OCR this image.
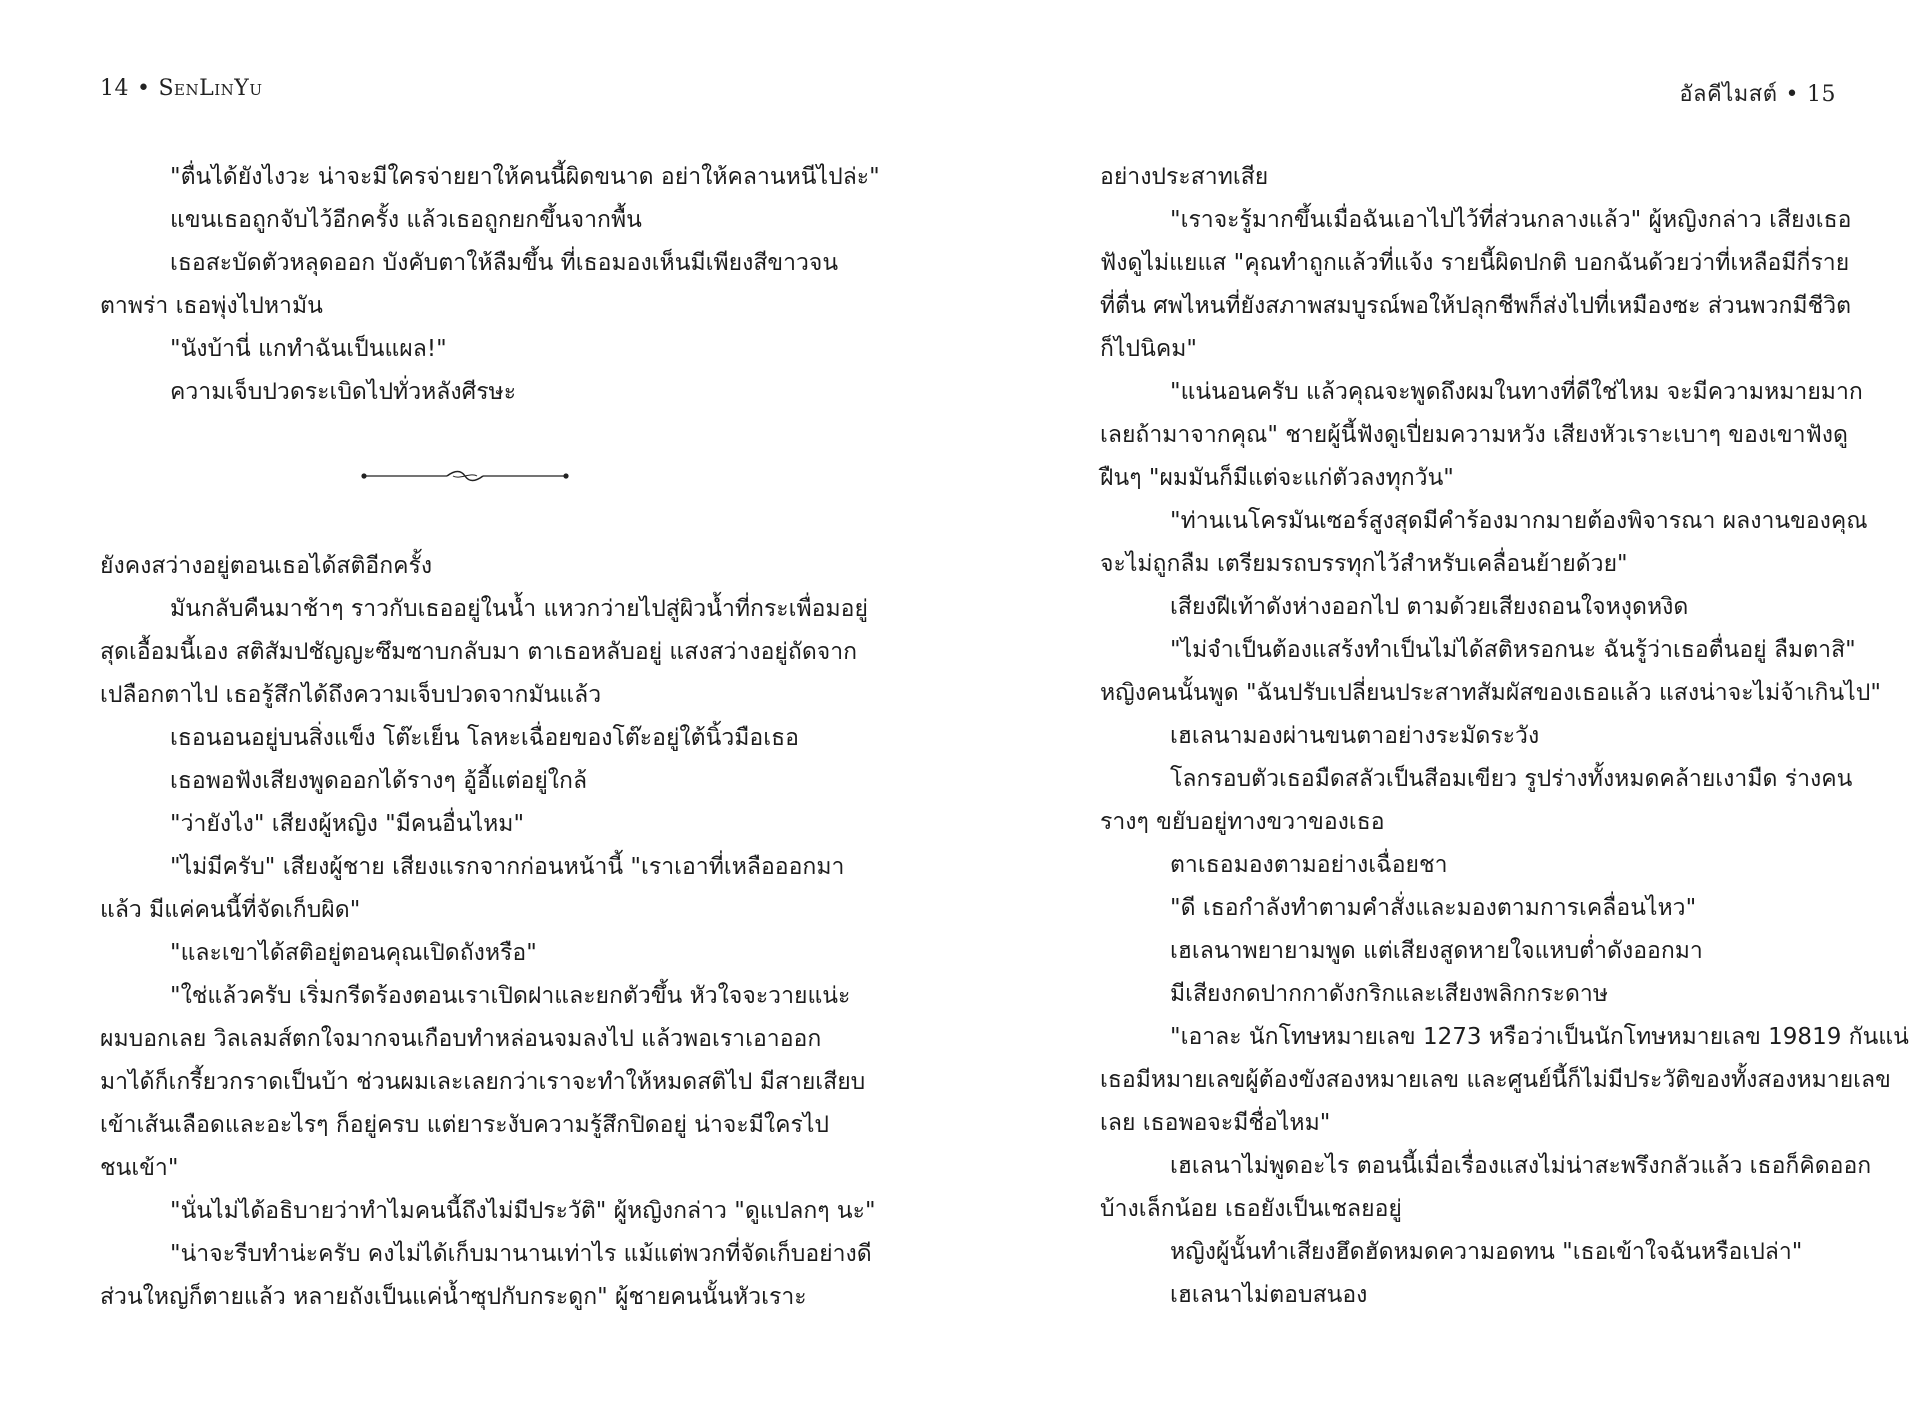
14 • SenLinYu

"ตื่นได้ยังไงวะ น่าจะมีใครจ่ายยาให้คนนี้ผิดขนาด อย่าให้คลานหนีไปล่ะ"

แขนเธอถูกจับไว้อีกครั้ง แล้วเธอถูกยกขึ้นจากพื้น

เธอสะบัดตัวหลุดออก บังคับตาให้ลืมขึ้น ที่เธอมองเห็นมีเพียงสีขาวจน

ตาพร่า เธอพุ่งไปหามัน

"นังบ้านี่ แกทำฉันเป็นแผล!"

ความเจ็บปวดระเบิดไปทั่วหลังศีรษะ

ยังคงสว่างอยู่ตอนเธอได้สติอีกครั้ง

มันกลับคืนมาช้าๆ ราวกับเธออยู่ในน้ำ แหวกว่ายไปสู่ผิวน้ำที่กระเพื่อมอยู่

สุดเอื้อมนี้เอง สติสัมปชัญญะซึมซาบกลับมา ตาเธอหลับอยู่ แสงสว่างอยู่ถัดจาก

เปลือกตาไป เธอรู้สึกได้ถึงความเจ็บปวดจากมันแล้ว

เธอนอนอยู่บนสิ่งแข็ง โต๊ะเย็น โลหะเฉื่อยของโต๊ะอยู่ใต้นิ้วมือเธอ

เธอพอฟังเสียงพูดออกได้รางๆ อู้อี้แต่อยู่ใกล้

"ว่ายังไง" เสียงผู้หญิง "มีคนอื่นไหม"

"ไม่มีครับ" เสียงผู้ชาย เสียงแรกจากก่อนหน้านี้ "เราเอาที่เหลือออกมา

แล้ว มีแค่คนนี้ที่จัดเก็บผิด"

"และเขาได้สติอยู่ตอนคุณเปิดถังหรือ"

"ใช่แล้วครับ เริ่มกรีดร้องตอนเราเปิดฝาและยกตัวขึ้น หัวใจจะวายแน่ะ

ผมบอกเลย วิลเลมส์ตกใจมากจนเกือบทำหล่อนจมลงไป แล้วพอเราเอาออก

มาได้ก็เกรี้ยวกราดเป็นบ้า ช่วนผมเละเลยกว่าเราจะทำให้หมดสติไป มีสายเสียบ

เข้าเส้นเลือดและอะไรๆ ก็อยู่ครบ แต่ยาระงับความรู้สึกปิดอยู่ น่าจะมีใครไป

ชนเข้า"

"นั่นไม่ได้อธิบายว่าทำไมคนนี้ถึงไม่มีประวัติ" ผู้หญิงกล่าว "ดูแปลกๆ นะ"

"น่าจะรีบทำน่ะครับ คงไม่ได้เก็บมานานเท่าไร แม้แต่พวกที่จัดเก็บอย่างดี

ส่วนใหญ่ก็ตายแล้ว หลายถังเป็นแค่น้ำซุปกับกระดูก" ผู้ชายคนนั้นหัวเราะ

อัลคีไมสต์ • 15

อย่างประสาทเสีย

"เราจะรู้มากขึ้นเมื่อฉันเอาไปไว้ที่ส่วนกลางแล้ว" ผู้หญิงกล่าว เสียงเธอ

ฟังดูไม่แยแส "คุณทำถูกแล้วที่แจ้ง รายนี้ผิดปกติ บอกฉันด้วยว่าที่เหลือมีกี่ราย

ที่ตื่น ศพไหนที่ยังสภาพสมบูรณ์พอให้ปลุกชีพก็ส่งไปที่เหมืองซะ ส่วนพวกมีชีวิต

ก็ไปนิคม"

"แน่นอนครับ แล้วคุณจะพูดถึงผมในทางที่ดีใช่ไหม จะมีความหมายมาก

เลยถ้ามาจากคุณ" ชายผู้นี้ฟังดูเปี่ยมความหวัง เสียงหัวเราะเบาๆ ของเขาฟังดู

ฝืนๆ "ผมมันก็มีแต่จะแก่ตัวลงทุกวัน"

"ท่านเนโครมันเซอร์สูงสุดมีคำร้องมากมายต้องพิจารณา ผลงานของคุณ

จะไม่ถูกลืม เตรียมรถบรรทุกไว้สำหรับเคลื่อนย้ายด้วย"

เสียงฝีเท้าดังห่างออกไป ตามด้วยเสียงถอนใจหงุดหงิด

"ไม่จำเป็นต้องแสร้งทำเป็นไม่ได้สติหรอกนะ ฉันรู้ว่าเธอตื่นอยู่ ลืมตาสิ"

หญิงคนนั้นพูด "ฉันปรับเปลี่ยนประสาทสัมผัสของเธอแล้ว แสงน่าจะไม่จ้าเกินไป"

เฮเลนามองผ่านขนตาอย่างระมัดระวัง

โลกรอบตัวเธอมืดสลัวเป็นสีอมเขียว รูปร่างทั้งหมดคล้ายเงามืด ร่างคน

รางๆ ขยับอยู่ทางขวาของเธอ

ตาเธอมองตามอย่างเฉื่อยชา

"ดี เธอกำลังทำตามคำสั่งและมองตามการเคลื่อนไหว"

เฮเลนาพยายามพูด แต่เสียงสูดหายใจแหบต่ำดังออกมา

มีเสียงกดปากกาดังกริกและเสียงพลิกกระดาษ

"เอาละ นักโทษหมายเลข 1273 หรือว่าเป็นนักโทษหมายเลข 19819 กันแน่

เธอมีหมายเลขผู้ต้องขังสองหมายเลข และศูนย์นี้ก็ไม่มีประวัติของทั้งสองหมายเลข

เลย เธอพอจะมีชื่อไหม"

เฮเลนาไม่พูดอะไร ตอนนี้เมื่อเรื่องแสงไม่น่าสะพรึงกลัวแล้ว เธอก็คิดออก

บ้างเล็กน้อย เธอยังเป็นเชลยอยู่

หญิงผู้นั้นทำเสียงฮึดฮัดหมดความอดทน "เธอเข้าใจฉันหรือเปล่า"

เฮเลนาไม่ตอบสนอง
